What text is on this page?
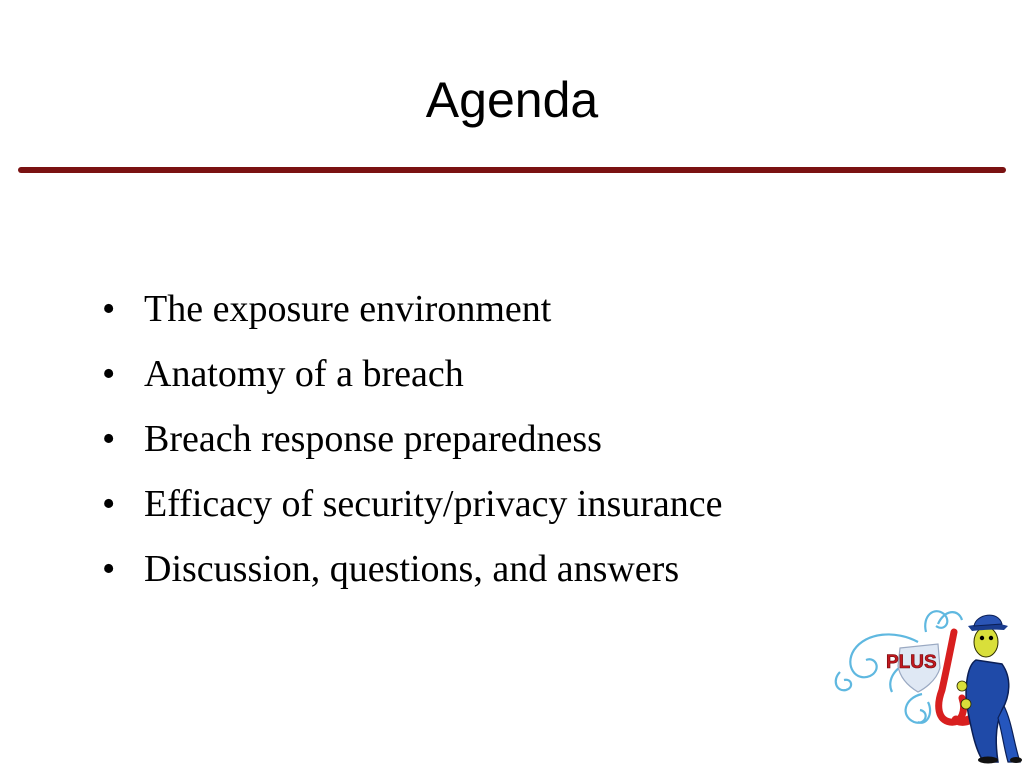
Agenda
• The exposure environment
• Anatomy of a breach
• Breach response preparedness
• Efficacy of security/privacy insurance
• Discussion, questions, and answers
PLUS
